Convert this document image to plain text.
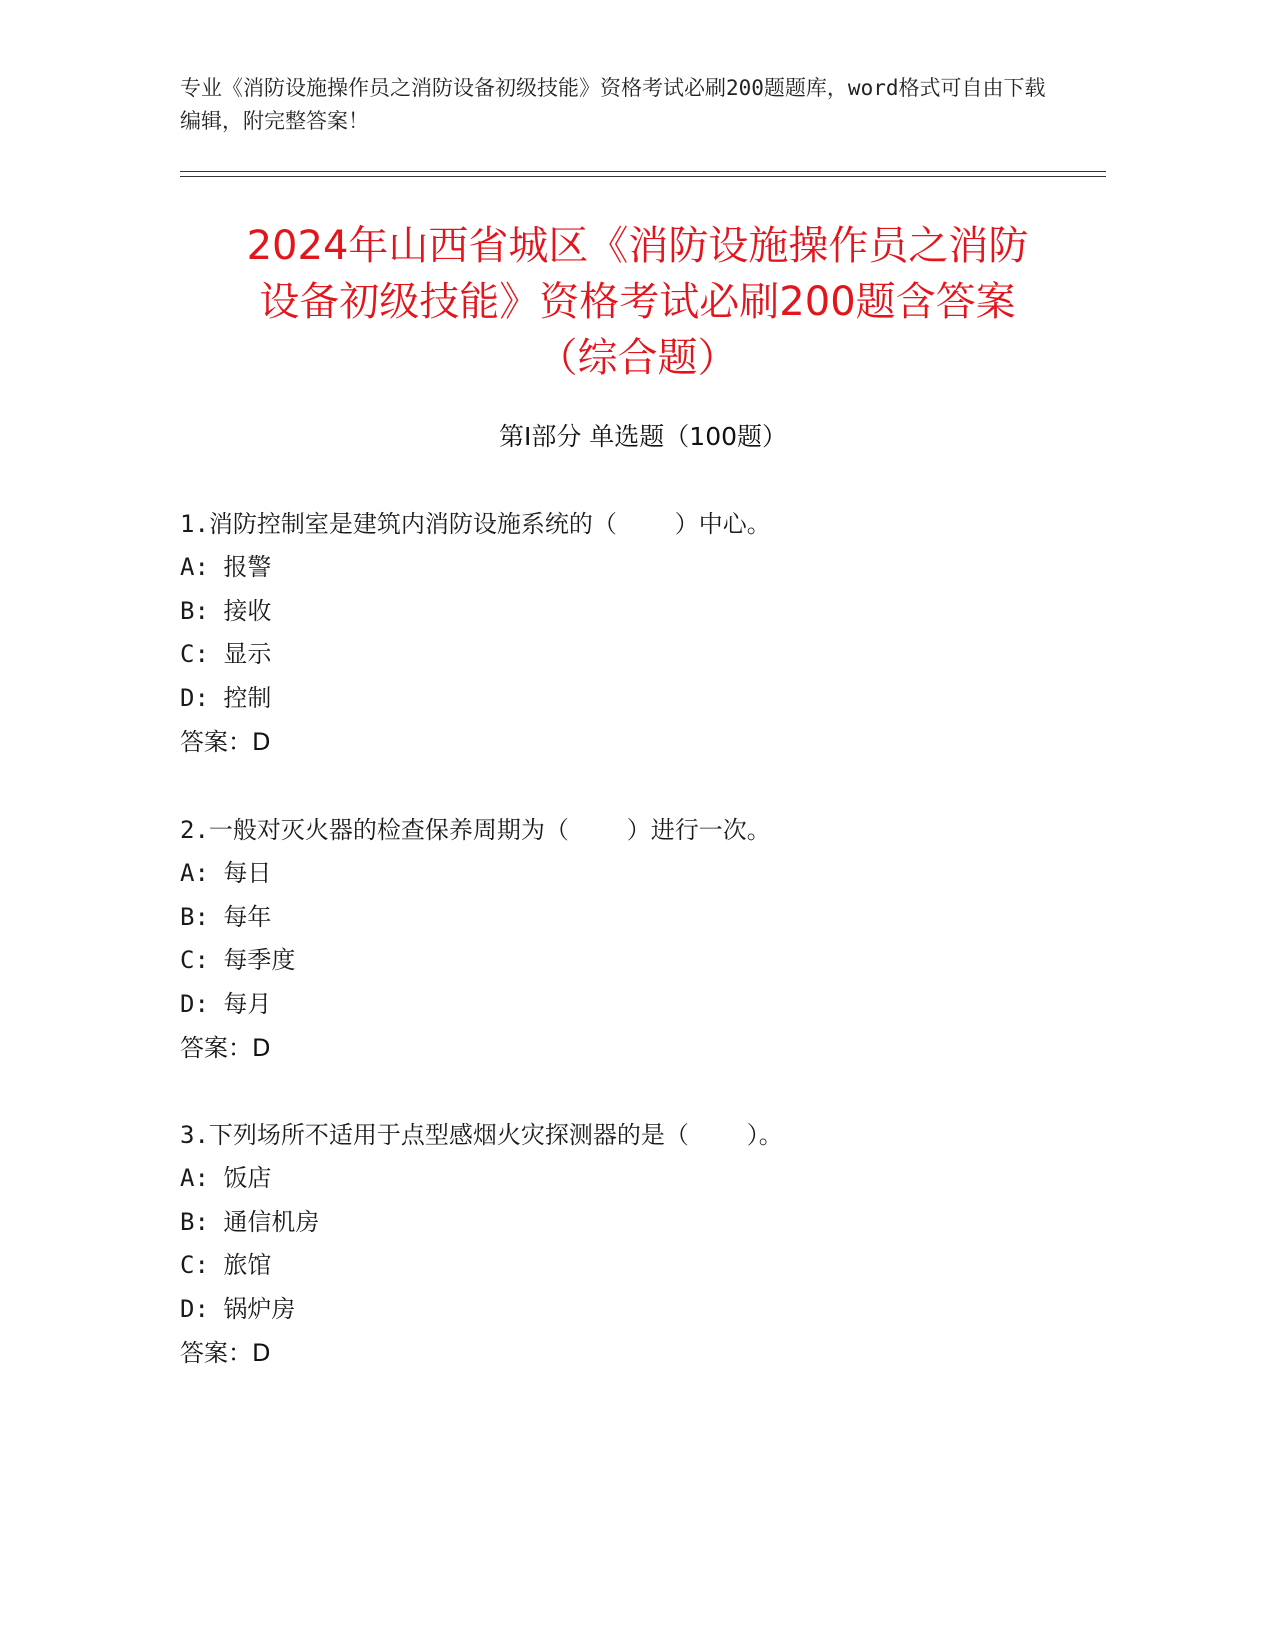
专业《消防设施操作员之消防设备初级技能》资格考试必刷200题题库，word格式可自由下载编辑，附完整答案！
2024年山西省城区《消防设施操作员之消防
设备初级技能》资格考试必刷200题含答案
（综合题）
第Ⅰ部分 单选题（100题）
1.消防控制室是建筑内消防设施系统的（    ）中心。
A: 报警
B: 接收
C: 显示
D: 控制
答案：D
2.一般对灭火器的检查保养周期为（    ）进行一次。
A: 每日
B: 每年
C: 每季度
D: 每月
答案：D
3.下列场所不适用于点型感烟火灾探测器的是（    ）。
A: 饭店
B: 通信机房
C: 旅馆
D: 锅炉房
答案：D
